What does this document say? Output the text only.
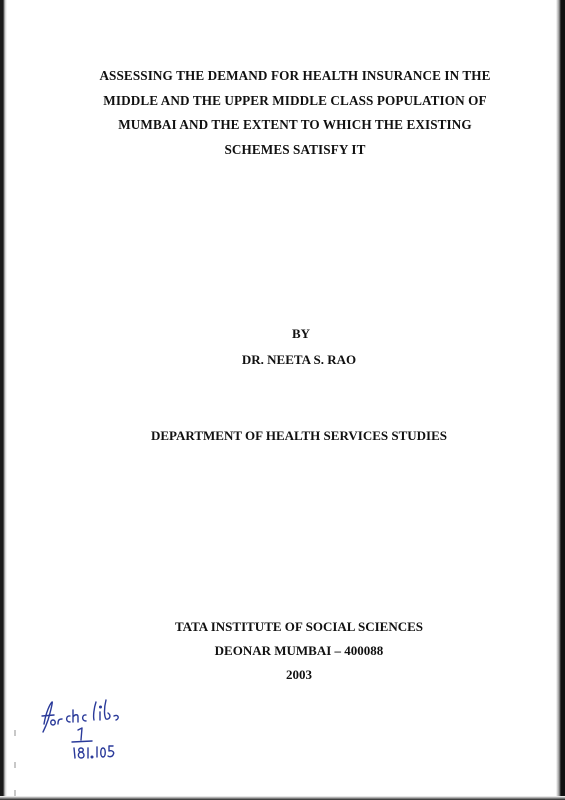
ASSESSING THE DEMAND FOR HEALTH INSURANCE IN THE
MIDDLE AND THE UPPER MIDDLE CLASS POPULATION OF
MUMBAI AND THE EXTENT TO WHICH THE EXISTING
SCHEMES SATISFY IT
BY
DR. NEETA S. RAO
DEPARTMENT OF HEALTH SERVICES STUDIES
TATA INSTITUTE OF SOCIAL SCIENCES
DEONAR MUMBAI – 400088
2003
